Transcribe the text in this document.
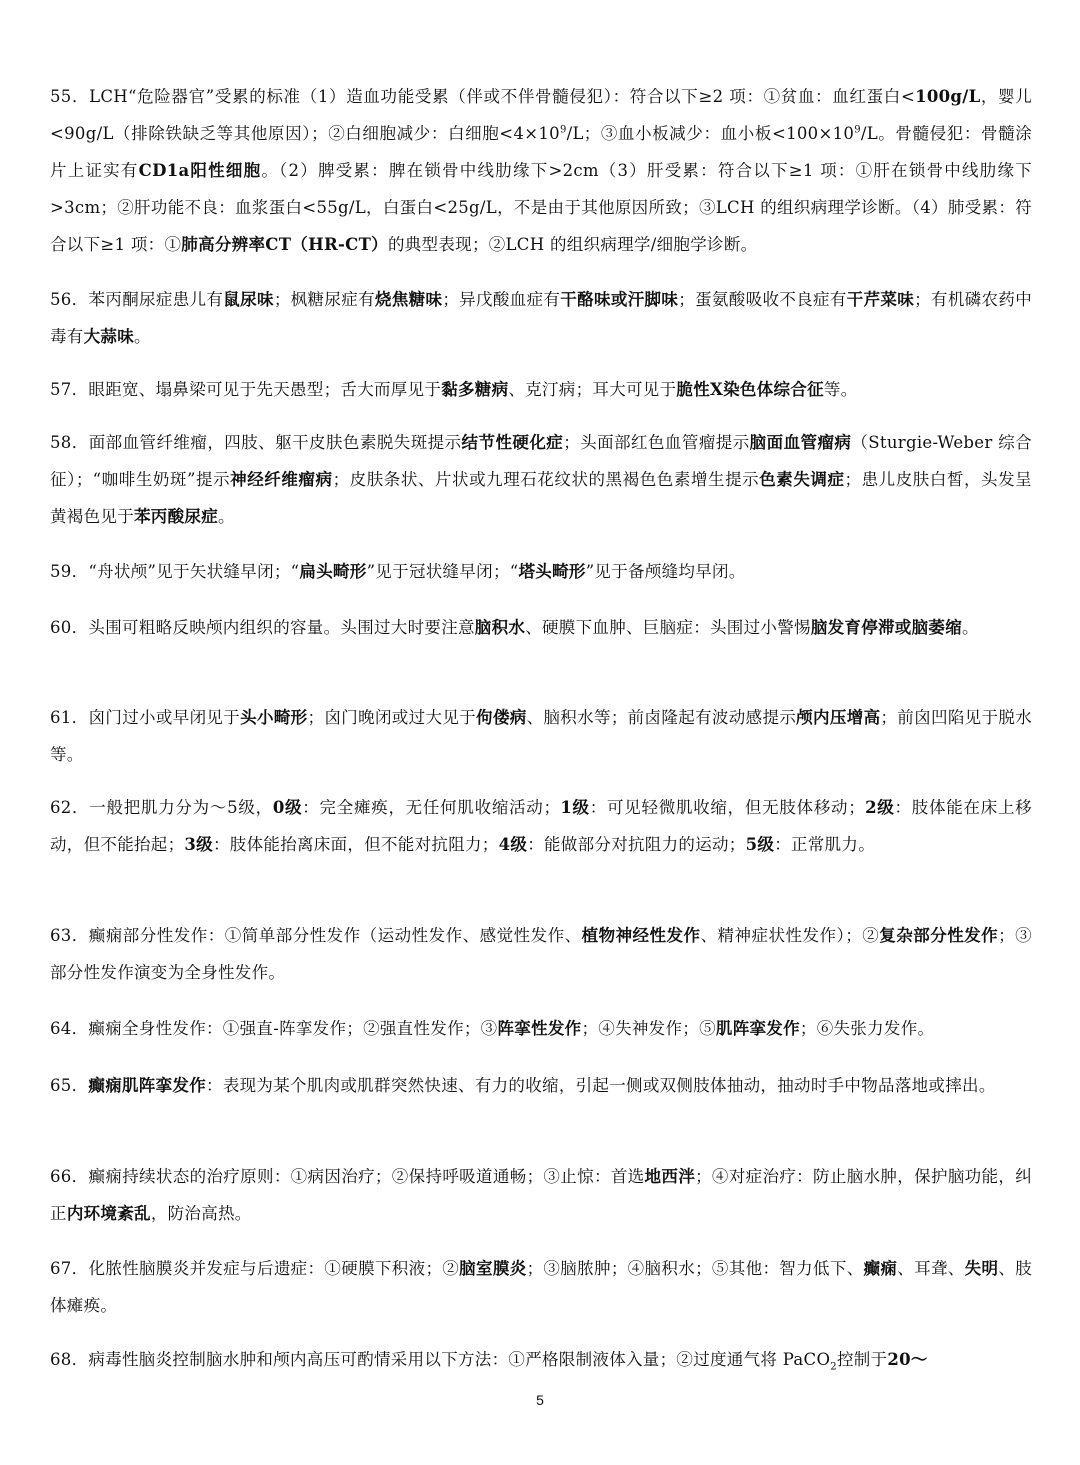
55．LCH“危险器官”受累的标准（1）造血功能受累（伴或不伴骨髓侵犯）：符合以下≥2 项：①贫血：血红蛋白<100g/L，婴儿<90g/L（排除铁缺乏等其他原因）；②白细胞减少：白细胞$<4\times 10^9/L$；③血小板减少：血小板$<100\times 10^9/L$。骨髓侵犯：骨髓涂片上证实有CD1a阳性细胞。（2）脾受累：脾在锁骨中线肋缘下>2cm（3）肝受累：符合以下≥1 项：①肝在锁骨中线肋缘下>3cm；②肝功能不良：血浆蛋白<55g/L，白蛋白<25g/L，不是由于其他原因所致；③LCH 的组织病理学诊断。（4）肺受累：符合以下≥1 项：①肺高分辨率CT（HR-CT）的典型表现；②LCH 的组织病理学/细胞学诊断。

56．苯丙酮尿症患儿有鼠尿味；枫糖尿症有烧焦糖味；异戊酸血症有干酪味或汗脚味；蛋氨酸吸收不良症有干芹菜味；有机磷农药中毒有大蒜味。

57．眼距宽、塌鼻梁可见于先天愚型；舌大而厚见于黏多糖病、克汀病；耳大可见于脆性X染色体综合征等。

58．面部血管纤维瘤，四肢、躯干皮肤色素脱失斑提示结节性硬化症；头面部红色血管瘤提示脑面血管瘤病（Sturgie-Weber 综合征）；“咖啡生奶斑”提示神经纤维瘤病；皮肤条状、片状或九理石花纹状的黑褐色色素增生提示色素失调症；患儿皮肤白皙，头发呈黄褐色见于苯丙酸尿症。

59．“舟状颅”见于矢状缝早闭；“扁头畸形”见于冠状缝早闭；“塔头畸形”见于备颅缝均早闭。

60．头围可粗略反映颅内组织的容量。头围过大时要注意脑积水、硬膜下血肿、巨脑症：头围过小警惕脑发育停滞或脑萎缩。

61．囟门过小或早闭见于头小畸形；囟门晚闭或过大见于佝偻病、脑积水等；前卤隆起有波动感提示颅内压增高；前囟凹陷见于脱水等。

62．一般把肌力分为～5级，0级：完全瘫痪，无任何肌收缩活动；1级：可见轻微肌收缩，但无肢体移动；2级：肢体能在床上移动，但不能抬起；3级：肢体能抬离床面，但不能对抗阻力；4级：能做部分对抗阻力的运动；5级：正常肌力。

63．癫痫部分性发作：①简单部分性发作（运动性发作、感觉性发作、植物神经性发作、精神症状性发作）；②复杂部分性发作；③部分性发作演变为全身性发作。

64．癫痫全身性发作：①强直-阵挛发作；②强直性发作；③阵挛性发作；④失神发作；⑤肌阵挛发作；⑥失张力发作。

65．癫痫肌阵挛发作：表现为某个肌肉或肌群突然快速、有力的收缩，引起一侧或双侧肢体抽动，抽动时手中物品落地或摔出。

66．癫痫持续状态的治疗原则：①病因治疗；②保持呼吸道通畅；③止惊：首选地西泮；④对症治疗：防止脑水肿，保护脑功能，纠正内环境紊乱，防治高热。

67．化脓性脑膜炎并发症与后遗症：①硬膜下积液；②脑室膜炎；③脑脓肿；④脑积水；⑤其他：智力低下、癫痫、耳聋、失明、肢体瘫痪。

68．病毒性脑炎控制脑水肿和颅内高压可酌情采用以下方法：①严格限制液体入量；②过度通气将 PaCO$_2$控制于20～

5
